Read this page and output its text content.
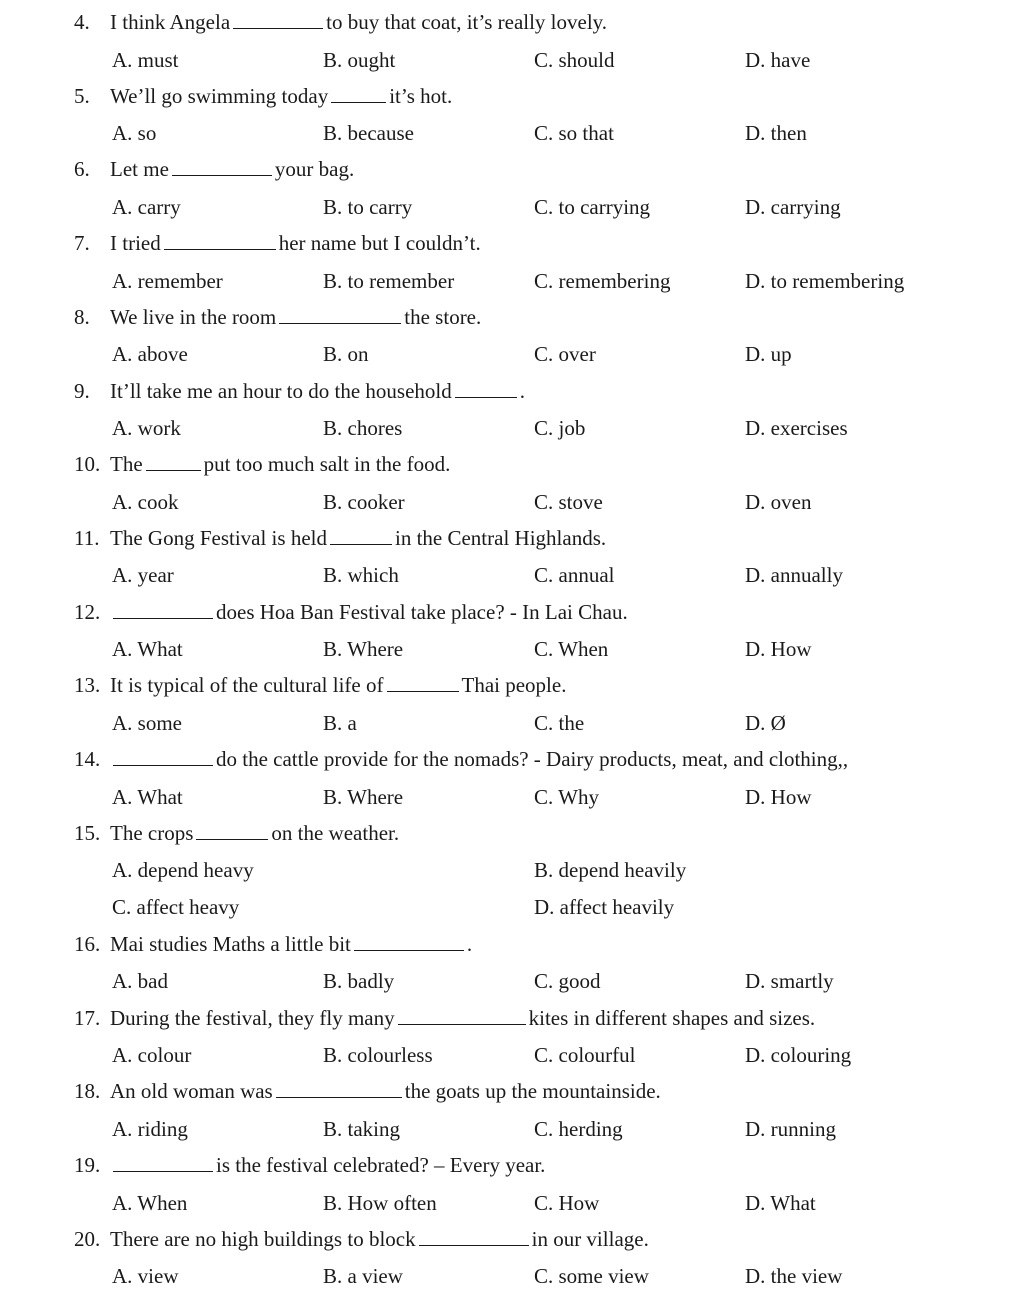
4. I think Angela	to buy that coat, it’s really lovely.
A. must	B. ought	C. should	D. have
5. We’ll go swimming today	it’s hot.
A. so	B. because	C. so that	D. then
6. Let me	your bag.
A. carry	B. to carry	C. to carrying	D. carrying
7. I tried	her name but I couldn’t.
A. remember	B. to remember	C. remembering	D. to remembering
8. We live in the room	the store.
A. above	B. on	C. over	D. up
9. It’ll take me an hour to do the household	.
A. work	B. chores	C. job	D. exercises
10. The	put too much salt in the food.
A. cook	B. cooker	C. stove	D. oven
11. The Gong Festival is held	in the Central Highlands.
A. year	B. which	C. annual	D. annually
12.	does Hoa Ban Festival take place? - In Lai Chau.
A. What	B. Where	C. When	D. How
13. It is typical of the cultural life of	Thai people.
A. some	B. a	C. the	D. Ø
14.	do the cattle provide for the nomads? - Dairy products, meat, and clothing,,
A. What	B. Where	C. Why	D. How
15. The crops	on the weather.
A. depend heavy	B. depend heavily
C. affect heavy	D. affect heavily
16. Mai studies Maths a little bit	.
A. bad	B. badly	C. good	D. smartly
17. During the festival, they fly many	kites in different shapes and sizes.
A. colour	B. colourless	C. colourful	D. colouring
18. An old woman was	the goats up the mountainside.
A. riding	B. taking	C. herding	D. running
19.	is the festival celebrated? – Every year.
A. When	B. How often	C. How	D. What
20. There are no high buildings to block	in our village.
A. view	B. a view	C. some view	D. the view
